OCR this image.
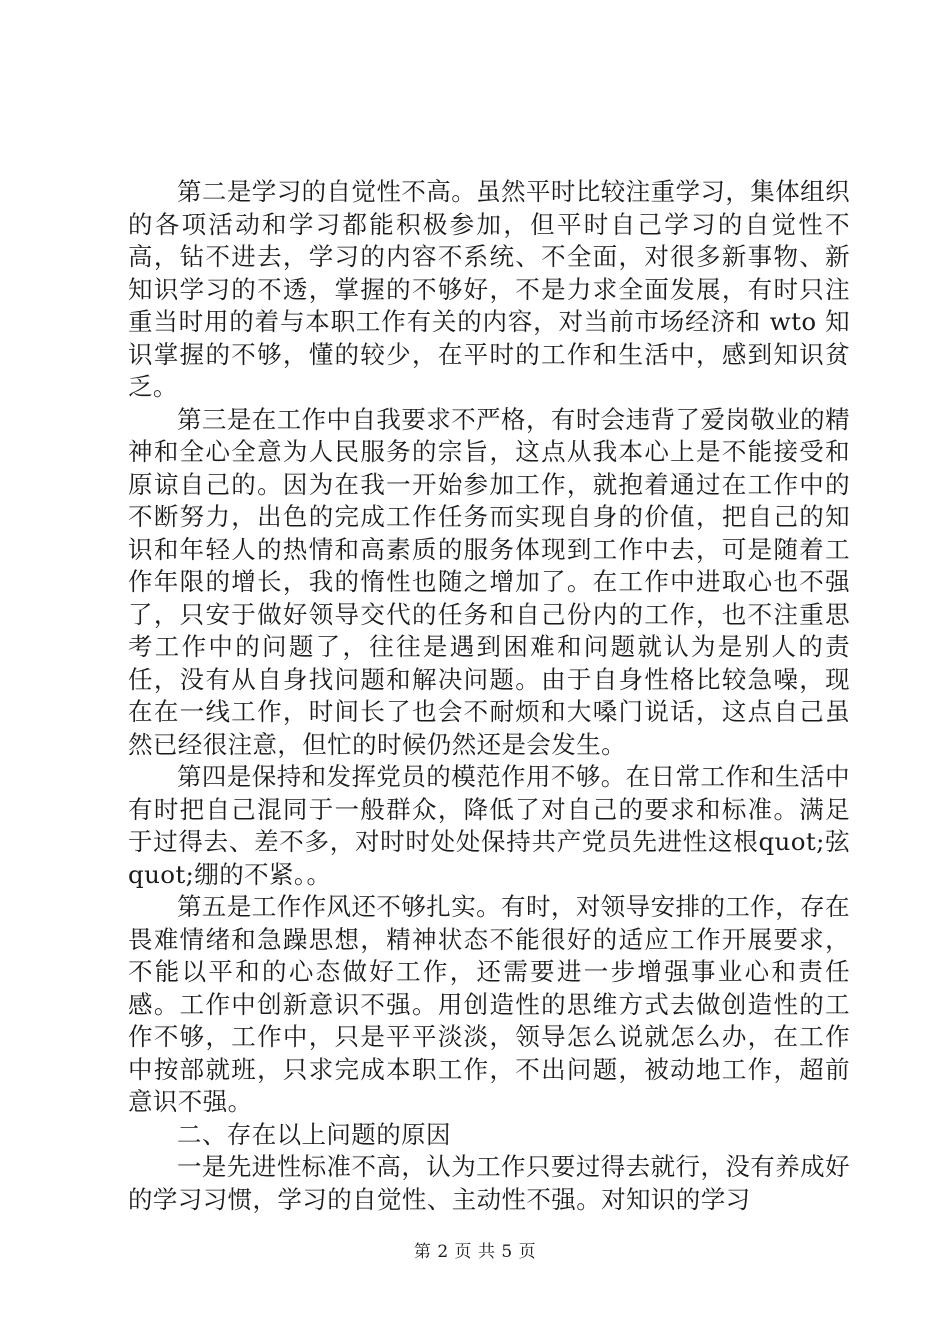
第二是学习的自觉性不高。虽然平时比较注重学习，集体组织的各项活动和学习都能积极参加，但平时自己学习的自觉性不高，钻不进去，学习的内容不系统、不全面，对很多新事物、新知识学习的不透，掌握的不够好，不是力求全面发展，有时只注重当时用的着与本职工作有关的内容，对当前市场经济和 wto 知识掌握的不够，懂的较少，在平时的工作和生活中，感到知识贫乏。

第三是在工作中自我要求不严格，有时会违背了爱岗敬业的精神和全心全意为人民服务的宗旨，这点从我本心上是不能接受和原谅自己的。因为在我一开始参加工作，就抱着通过在工作中的不断努力，出色的完成工作任务而实现自身的价值，把自己的知识和年轻人的热情和高素质的服务体现到工作中去，可是随着工作年限的增长，我的惰性也随之增加了。在工作中进取心也不强了，只安于做好领导交代的任务和自己份内的工作，也不注重思考工作中的问题了，往往是遇到困难和问题就认为是别人的责任，没有从自身找问题和解决问题。由于自身性格比较急噪，现在在一线工作，时间长了也会不耐烦和大嗓门说话，这点自己虽然已经很注意，但忙的时候仍然还是会发生。

第四是保持和发挥党员的模范作用不够。在日常工作和生活中有时把自己混同于一般群众，降低了对自己的要求和标准。满足于过得去、差不多，对时时处处保持共产党员先进性这根quot;弦 quot;绷的不紧。。

第五是工作作风还不够扎实。有时，对领导安排的工作，存在畏难情绪和急躁思想，精神状态不能很好的适应工作开展要求，不能以平和的心态做好工作，还需要进一步增强事业心和责任感。工作中创新意识不强。用创造性的思维方式去做创造性的工作不够，工作中，只是平平淡淡，领导怎么说就怎么办，在工作中按部就班，只求完成本职工作，不出问题，被动地工作，超前意识不强。

二、存在以上问题的原因

一是先进性标准不高，认为工作只要过得去就行，没有养成好的学习习惯，学习的自觉性、主动性不强。对知识的学习

第 2 页 共 5 页
